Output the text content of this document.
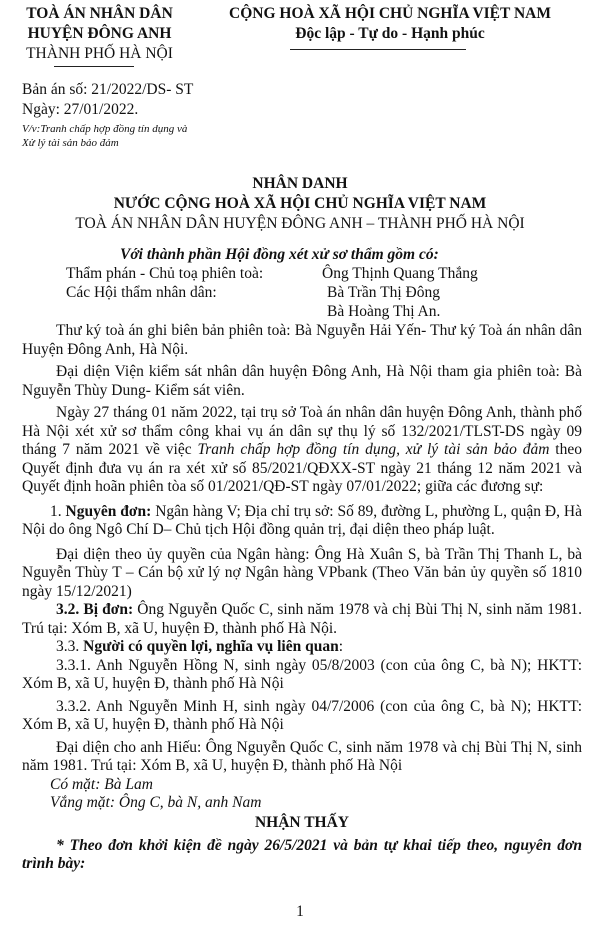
TOÀ ÁN NHÂN DÂN
HUYỆN ĐÔNG ANH
THÀNH PHỐ HÀ NỘI
CỘNG HOÀ XÃ HỘI CHỦ NGHĨA VIỆT NAM
Độc lập - Tự do - Hạnh phúc
Bản án số: 21/2022/DS- ST
Ngày: 27/01/2022.
V/v:Tranh chấp hợp đồng tín dụng và
Xử lý tài sản bảo đảm
NHÂN DANH
NƯỚC CỘNG HOÀ XÃ HỘI CHỦ NGHĨA VIỆT NAM
TOÀ ÁN NHÂN DÂN HUYỆN ĐÔNG ANH – THÀNH PHỐ HÀ NỘI

Với thành phần Hội đồng xét xử sơ thẩm gồm có:

Thẩm phán - Chủ toạ phiên toà:	Ông Thịnh Quang Thắng
Các Hội thẩm nhân dân:	Bà Trần Thị Đông
Bà Hoàng Thị An.

Thư ký toà án ghi biên bản phiên toà: Bà Nguyễn Hải Yến- Thư ký Toà án nhân dân Huyện Đông Anh, Hà Nội.

Đại diện Viện kiểm sát nhân dân huyện Đông Anh, Hà Nội tham gia phiên toà: Bà Nguyễn Thùy Dung- Kiểm sát viên.

Ngày 27 tháng 01 năm 2022, tại trụ sở Toà án nhân dân huyện Đông Anh, thành phố Hà Nội xét xử sơ thẩm công khai vụ án dân sự thụ lý số 132/2021/TLST-DS ngày 09 tháng 7 năm 2021 về việc Tranh chấp hợp đồng tín dụng, xử lý tài sản bảo đảm theo Quyết định đưa vụ án ra xét xử số 85/2021/QĐXX-ST ngày 21 tháng 12 năm 2021 và Quyết định hoãn phiên tòa số 01/2021/QĐ-ST ngày 07/01/2022; giữa các đương sự:

1. Nguyên đơn: Ngân hàng V; Địa chỉ trụ sở: Số 89, đường L, phường L, quận Đ, Hà Nội do ông Ngô Chí D– Chủ tịch Hội đồng quản trị, đại diện theo pháp luật.

Đại diện theo ủy quyền của Ngân hàng: Ông Hà Xuân S, bà Trần Thị Thanh L, bà Nguyễn Thùy T – Cán bộ xử lý nợ Ngân hàng VPbank (Theo Văn bản ủy quyền số 1810 ngày 15/12/2021)

3.2. Bị đơn: Ông Nguyễn Quốc C, sinh năm 1978 và chị Bùi Thị N, sinh năm 1981. Trú tại: Xóm B, xã U, huyện Đ, thành phố Hà Nội.

3.3. Người có quyền lợi, nghĩa vụ liên quan:

3.3.1. Anh Nguyễn Hồng N, sinh ngày 05/8/2003 (con của ông C, bà N); HKTT: Xóm B, xã U, huyện Đ, thành phố Hà Nội

3.3.2. Anh Nguyễn Minh H, sinh ngày 04/7/2006 (con của ông C, bà N); HKTT: Xóm B, xã U, huyện Đ, thành phố Hà Nội

Đại diện cho anh Hiếu: Ông Nguyễn Quốc C, sinh năm 1978 và chị Bùi Thị N, sinh năm 1981. Trú tại: Xóm B, xã U, huyện Đ, thành phố Hà Nội

Có mặt: Bà Lam

Vắng mặt: Ông C, bà N, anh Nam

NHẬN THẤY

* Theo đơn khởi kiện đề ngày 26/5/2021 và bản tự khai tiếp theo, nguyên đơn trình bày:

1
